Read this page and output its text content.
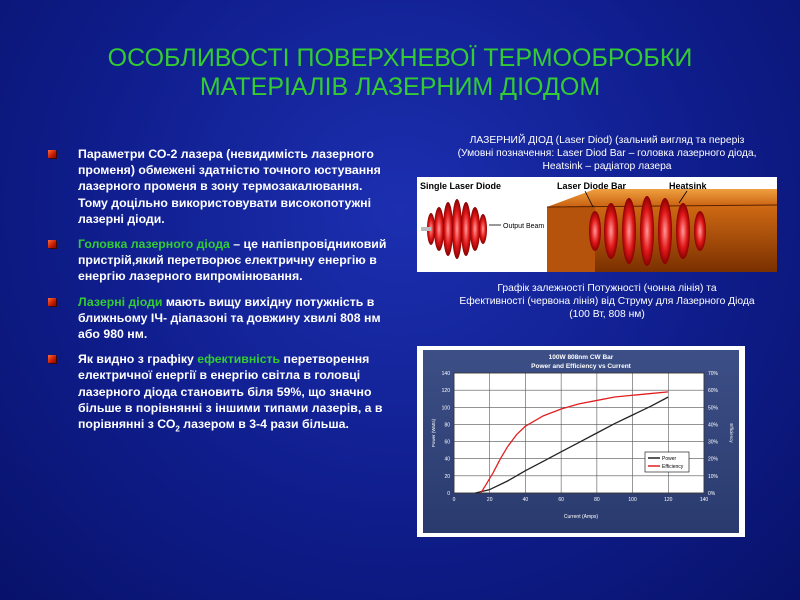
ОСОБЛИВОСТІ ПОВЕРХНЕВОЇ ТЕРМООБРОБКИ
МАТЕРІАЛІВ ЛАЗЕРНИМ ДІОДОМ
Параметри СО-2 лазера (невидимість лазерного променя) обмежені здатністю точного юстування лазерного променя в зону термозакалювання. Тому доцільно використовувати високопотужні лазерні діоди.
Головка лазерного діода – це напівпровідниковий пристрій,який перетворює електричну енергію в енергію лазерного випромінювання.
Лазерні діоди мають вищу вихідну потужність в ближньому ІЧ- діапазоні та довжину хвилі 808 нм або 980 нм.
Як видно з графіку ефективність перетворення електричної енергії в енергію світла в головці лазерного діода становить біля 59%, що значно більше в порівнянні з іншими типами лазерів, а в порівнянні з $СО_2$ лазером в 3-4 рази більша.
ЛАЗЕРНИЙ ДІОД (Laser Diod) (зальний вигляд та переріз
(Умовні позначення: Laser Diod Bar – головка лазерного діода,
Heatsink – радіатор лазера
Output Beam
Single Laser Diode	Laser Diode Bar	Heatsink
Графік залежності Потужності (чонна лінія) та
Ефективності (червона лінія) від Струму для Лазерного Діода
(100 Вт, 808 нм)
100W 808nm CW Bar
Power and Efficiency vs Current
0	20	40	60	80	100	120	140
0
20
40
60
80
100
120
140
0%
10%
20%
30%
40%
50%
60%
70%
Current (Amps)
Power (Watts)	Efficiency
Power
Efficiency
